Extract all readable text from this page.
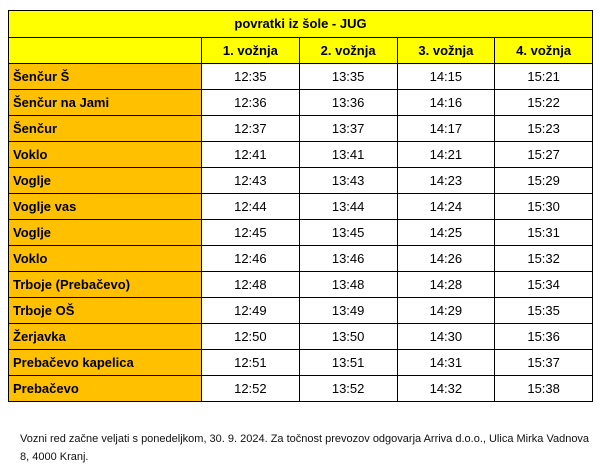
povratki iz šole - JUG				
	1. vožnja	2. vožnja	3. vožnja	4. vožnja
Šenčur Š	12:35	13:35	14:15	15:21
Šenčur na Jami	12:36	13:36	14:16	15:22
Šenčur	12:37	13:37	14:17	15:23
Voklo	12:41	13:41	14:21	15:27
Voglje	12:43	13:43	14:23	15:29
Voglje vas	12:44	13:44	14:24	15:30
Voglje	12:45	13:45	14:25	15:31
Voklo	12:46	13:46	14:26	15:32
Trboje (Prebačevo)	12:48	13:48	14:28	15:34
Trboje OŠ	12:49	13:49	14:29	15:35
Žerjavka	12:50	13:50	14:30	15:36
Prebačevo kapelica	12:51	13:51	14:31	15:37
Prebačevo	12:52	13:52	14:32	15:38
Vozni red začne veljati s ponedeljkom, 30. 9. 2024. Za točnost prevozov odgovarja Arriva d.o.o., Ulica Mirka Vadnova 8, 4000 Kranj.
